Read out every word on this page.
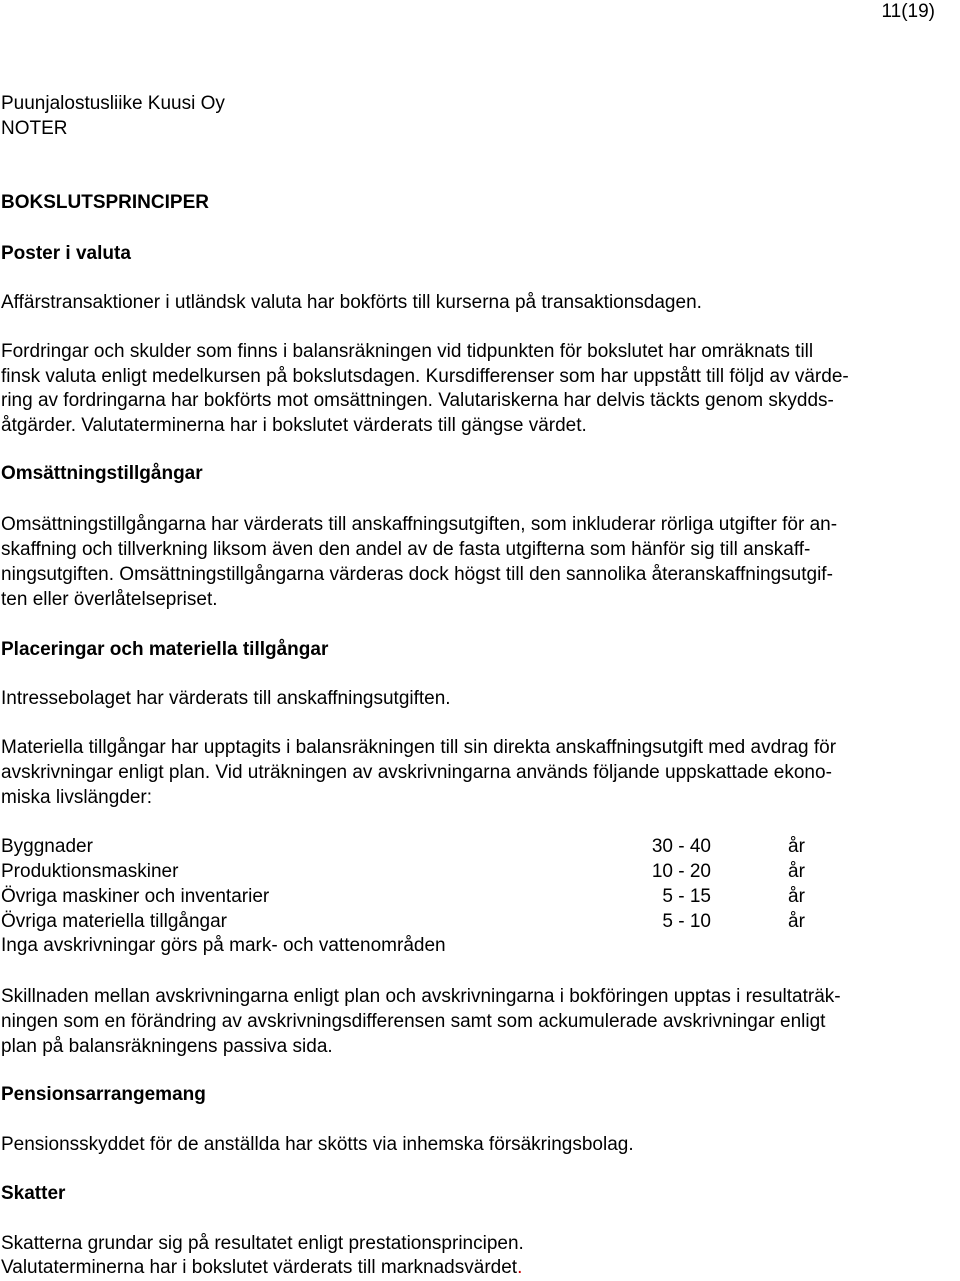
11(19)

Puunjalostusliike Kuusi Oy

NOTER

BOKSLUTSPRINCIPER

Poster i valuta

Affärstransaktioner i utländsk valuta har bokförts till kurserna på transaktionsdagen.

Fordringar och skulder som finns i balansräkningen vid tidpunkten för bokslutet har omräknats till

finsk valuta enligt medelkursen på bokslutsdagen. Kursdifferenser som har uppstått till följd av värde-

ring av fordringarna har bokförts mot omsättningen. Valutariskerna har delvis täckts genom skydds-

åtgärder. Valutaterminerna har i bokslutet värderats till gängse värdet.

Omsättningstillgångar

Omsättningstillgångarna har värderats till anskaffningsutgiften, som inkluderar rörliga utgifter för an-

skaffning och tillverkning liksom även den andel av de fasta utgifterna som hänför sig till anskaff-

ningsutgiften. Omsättningstillgångarna värderas dock högst till den sannolika återanskaffningsutgif-

ten eller överlåtelsepriset.

Placeringar och materiella tillgångar

Intressebolaget har värderats till anskaffningsutgiften.

Materiella tillgångar har upptagits i balansräkningen till sin direkta anskaffningsutgift med avdrag för

avskrivningar enligt plan. Vid uträkningen av avskrivningarna används följande uppskattade ekono-

miska livslängder:

Byggnader	30 - 40	år
Produktionsmaskiner	10 - 20	år
Övriga maskiner och inventarier	5 - 15	år
Övriga materiella tillgångar	5 - 10	år

Inga avskrivningar görs på mark- och vattenområden

Skillnaden mellan avskrivningarna enligt plan och avskrivningarna i bokföringen upptas i resultaträk-

ningen som en förändring av avskrivningsdifferensen samt som ackumulerade avskrivningar enligt

plan på balansräkningens passiva sida.

Pensionsarrangemang

Pensionsskyddet för de anställda har skötts via inhemska försäkringsbolag.

Skatter

Skatterna grundar sig på resultatet enligt prestationsprincipen.

Valutaterminerna har i bokslutet värderats till marknadsvärdet.
